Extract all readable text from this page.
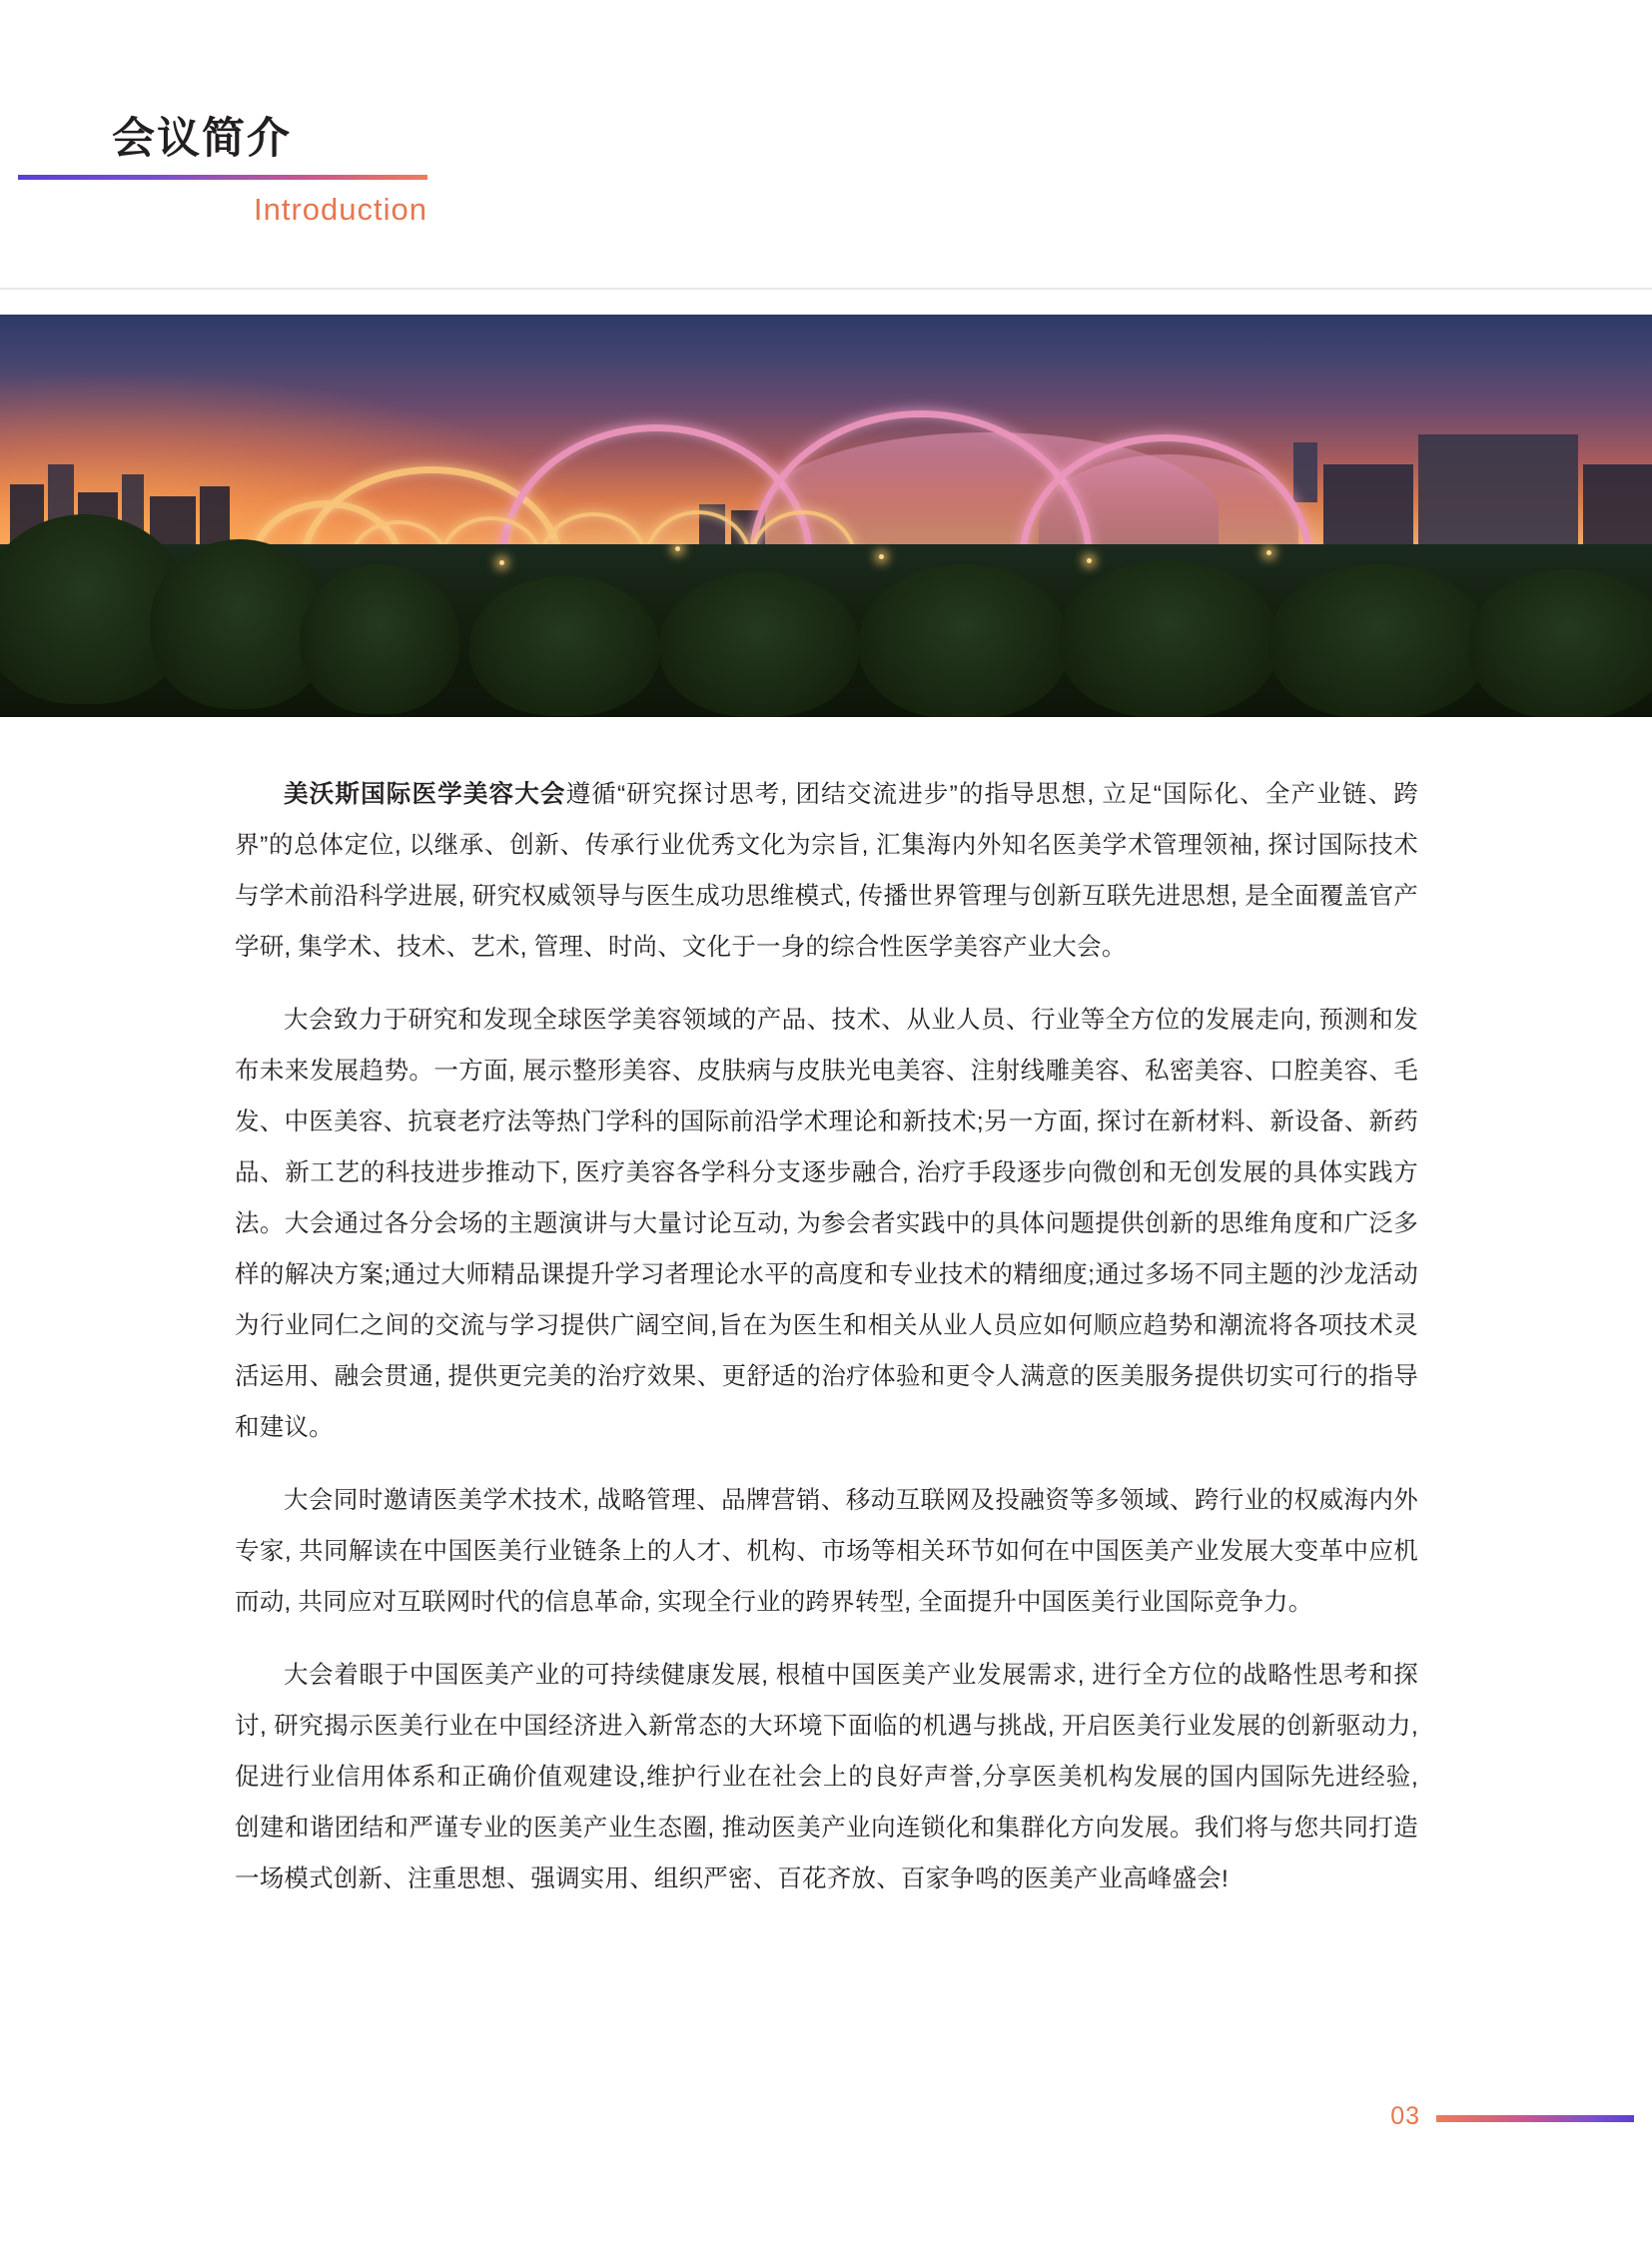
会议简介
Introduction

美沃斯国际医学美容大会遵循“研究探讨思考, 团结交流进步”的指导思想, 立足“国际化、全产业链、跨界”的总体定位, 以继承、创新、传承行业优秀文化为宗旨, 汇集海内外知名医美学术管理领袖, 探讨国际技术与学术前沿科学进展, 研究权威领导与医生成功思维模式, 传播世界管理与创新互联先进思想, 是全面覆盖官产学研, 集学术、技术、艺术, 管理、时尚、文化于一身的综合性医学美容产业大会。

大会致力于研究和发现全球医学美容领域的产品、技术、从业人员、行业等全方位的发展走向, 预测和发布未来发展趋势。一方面, 展示整形美容、皮肤病与皮肤光电美容、注射线雕美容、私密美容、口腔美容、毛发、中医美容、抗衰老疗法等热门学科的国际前沿学术理论和新技术;另一方面, 探讨在新材料、新设备、新药品、新工艺的科技进步推动下, 医疗美容各学科分支逐步融合, 治疗手段逐步向微创和无创发展的具体实践方法。大会通过各分会场的主题演讲与大量讨论互动, 为参会者实践中的具体问题提供创新的思维角度和广泛多样的解决方案;通过大师精品课提升学习者理论水平的高度和专业技术的精细度;通过多场不同主题的沙龙活动为行业同仁之间的交流与学习提供广阔空间,旨在为医生和相关从业人员应如何顺应趋势和潮流将各项技术灵活运用、融会贯通, 提供更完美的治疗效果、更舒适的治疗体验和更令人满意的医美服务提供切实可行的指导和建议。

大会同时邀请医美学术技术, 战略管理、品牌营销、移动互联网及投融资等多领域、跨行业的权威海内外专家, 共同解读在中国医美行业链条上的人才、机构、市场等相关环节如何在中国医美产业发展大变革中应机而动, 共同应对互联网时代的信息革命, 实现全行业的跨界转型, 全面提升中国医美行业国际竞争力。

大会着眼于中国医美产业的可持续健康发展, 根植中国医美产业发展需求, 进行全方位的战略性思考和探讨, 研究揭示医美行业在中国经济进入新常态的大环境下面临的机遇与挑战, 开启医美行业发展的创新驱动力, 促进行业信用体系和正确价值观建设,维护行业在社会上的良好声誉,分享医美机构发展的国内国际先进经验, 创建和谐团结和严谨专业的医美产业生态圈, 推动医美产业向连锁化和集群化方向发展。我们将与您共同打造一场模式创新、注重思想、强调实用、组织严密、百花齐放、百家争鸣的医美产业高峰盛会!

03
